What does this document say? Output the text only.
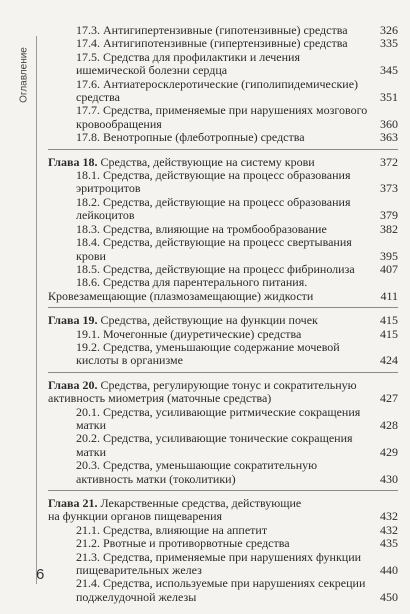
Оглавление
17.3. Антигипертензивные (гипотензивные) средства	326
17.4. Антигипотензивные (гипертензивные) средства	335
17.5. Средства для профилактики и лечения
ишемической болезни сердца	345
17.6. Антиатеросклеротические (гиполипидемические)
средства	351
17.7. Средства, применяемые при нарушениях мозгового
кровообращения	360
17.8. Венотропные (флеботропные) средства	363
Глава 18. Средства, действующие на систему крови	372
18.1. Средства, действующие на процесс образования
эритроцитов	373
18.2. Средства, действующие на процесс образования
лейкоцитов	379
18.3. Средства, влияющие на тромбообразование	382
18.4. Средства, действующие на процесс свертывания
крови	395
18.5. Средства, действующие на процесс фибринолиза	407
18.6. Средства для парентерального питания.
Кровезамещающие (плазмозамещающие) жидкости	411
Глава 19. Средства, действующие на функции почек	415
19.1. Мочегонные (диуретические) средства	415
19.2. Средства, уменьшающие содержание мочевой
кислоты в организме	424
Глава 20. Средства, регулирующие тонус и сократительную
активность миометрия (маточные средства)	427
20.1. Средства, усиливающие ритмические сокращения
матки	428
20.2. Средства, усиливающие тонические сокращения
матки	429
20.3. Средства, уменьшающие сократительную
активность матки (токолитики)	430
Глава 21. Лекарственные средства, действующие
на функции органов пищеварения	432
21.1. Средства, влияющие на аппетит	432
21.2. Рвотные и противорвотные средства	435
21.3. Средства, применяемые при нарушениях функции
пищеварительных желез	440
21.4. Средства, используемые при нарушениях секреции
поджелудочной железы	450
6
